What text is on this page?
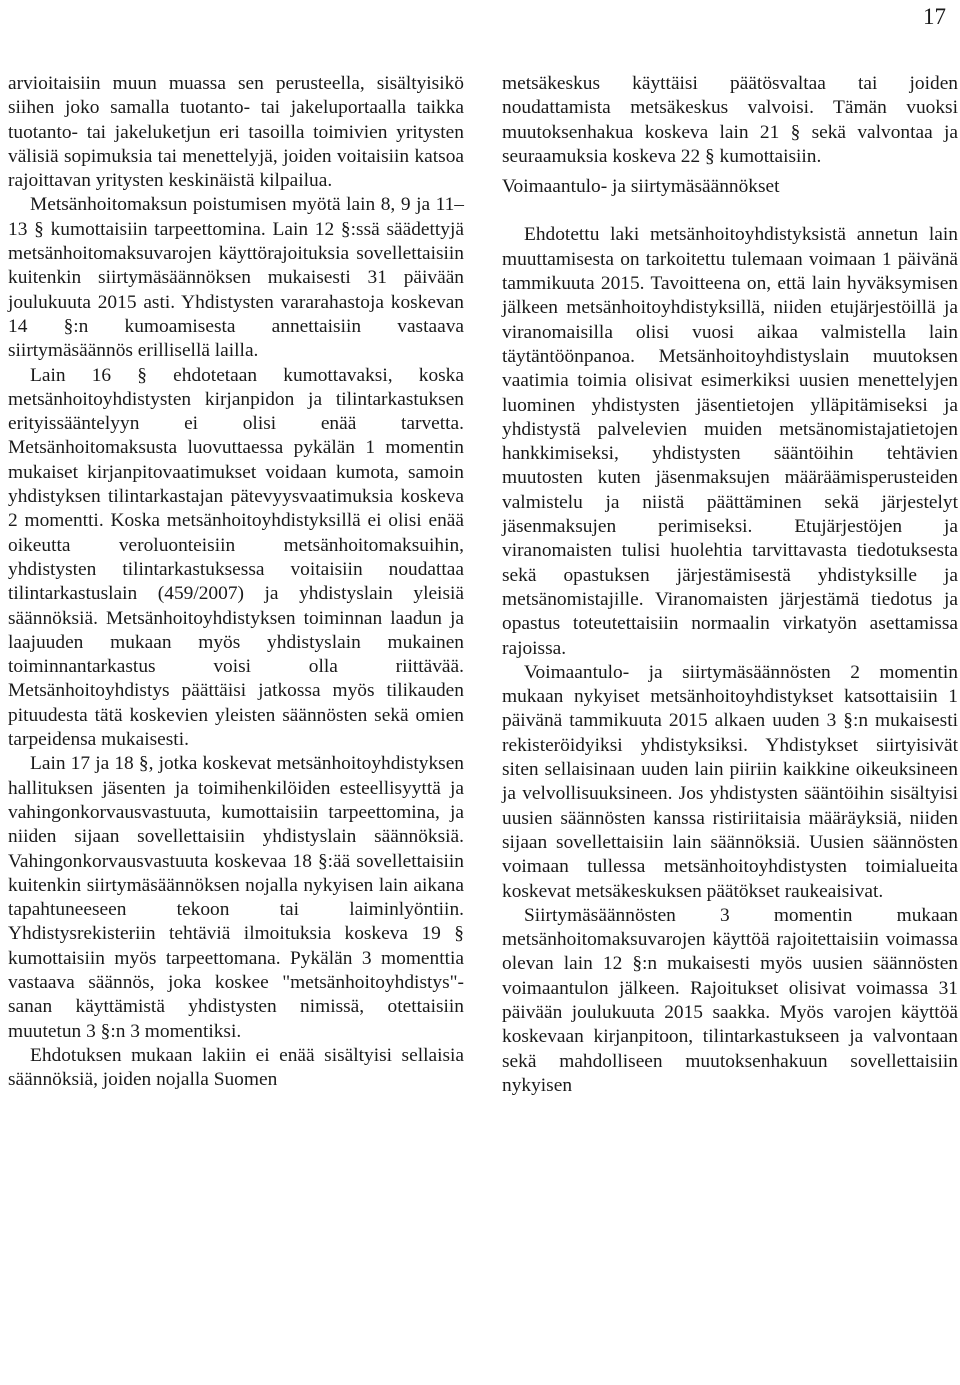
17

arvioitaisiin muun muassa sen perusteella, sisältyisikö siihen joko samalla tuotanto- tai jakeluportaalla taikka tuotanto- tai jakeluketjun eri tasoilla toimivien yritysten välisiä sopimuksia tai menettelyjä, joiden voitaisiin katsoa rajoittavan yritysten keskinäistä kilpailua.

Metsänhoitomaksun poistumisen myötä lain 8, 9 ja 11–13 § kumottaisiin tarpeettomina. Lain 12 §:ssä säädettyjä metsänhoitomaksuvarojen käyttörajoituksia sovellettaisiin kuitenkin siirtymäsäännöksen mukaisesti 31 päivään joulukuuta 2015 asti. Yhdistysten vararahastoja koskevan 14 §:n kumoamisesta annettaisiin vastaava siirtymäsäännös erillisellä lailla.

Lain 16 § ehdotetaan kumottavaksi, koska metsänhoitoyhdistysten kirjanpidon ja tilintarkastuksen erityissääntelyyn ei olisi enää tarvetta. Metsänhoitomaksusta luovuttaessa pykälän 1 momentin mukaiset kirjanpitovaatimukset voidaan kumota, samoin yhdistyksen tilintarkastajan pätevyysvaatimuksia koskeva 2 momentti. Koska metsänhoitoyhdistyksillä ei olisi enää oikeutta veroluonteisiin metsänhoitomaksuihin, yhdistysten tilintarkastuksessa voitaisiin noudattaa tilintarkastuslain (459/2007) ja yhdistyslain yleisiä säännöksiä. Metsänhoitoyhdistyksen toiminnan laadun ja laajuuden mukaan myös yhdistyslain mukainen toiminnantarkastus voisi olla riittävää. Metsänhoitoyhdistys päättäisi jatkossa myös tilikauden pituudesta tätä koskevien yleisten säännösten sekä omien tarpeidensa mukaisesti.

Lain 17 ja 18 §, jotka koskevat metsänhoitoyhdistyksen hallituksen jäsenten ja toimihenkilöiden esteellisyyttä ja vahingonkorvausvastuuta, kumottaisiin tarpeettomina, ja niiden sijaan sovellettaisiin yhdistyslain säännöksiä. Vahingonkorvausvastuuta koskevaa 18 §:ää sovellettaisiin kuitenkin siirtymäsäännöksen nojalla nykyisen lain aikana tapahtuneeseen tekoon tai laiminlyöntiin. Yhdistysrekisteriin tehtäviä ilmoituksia koskeva 19 § kumottaisiin myös tarpeettomana. Pykälän 3 momenttia vastaava säännös, joka koskee "metsänhoitoyhdistys"-sanan käyttämistä yhdistysten nimissä, otettaisiin muutetun 3 §:n 3 momentiksi.

Ehdotuksen mukaan lakiin ei enää sisältyisi sellaisia säännöksiä, joiden nojalla Suomen

metsäkeskus käyttäisi päätösvaltaa tai joiden noudattamista metsäkeskus valvoisi. Tämän vuoksi muutoksenhakua koskeva lain 21 § sekä valvontaa ja seuraamuksia koskeva 22 § kumottaisiin.

Voimaantulo- ja siirtymäsäännökset

Ehdotettu laki metsänhoitoyhdistyksistä annetun lain muuttamisesta on tarkoitettu tulemaan voimaan 1 päivänä tammikuuta 2015. Tavoitteena on, että lain hyväksymisen jälkeen metsänhoitoyhdistyksillä, niiden etujärjestöillä ja viranomaisilla olisi vuosi aikaa valmistella lain täytäntöönpanoa. Metsänhoitoyhdistyslain muutoksen vaatimia toimia olisivat esimerkiksi uusien menettelyjen luominen yhdistysten jäsentietojen ylläpitämiseksi ja yhdistystä palvelevien muiden metsänomistajatietojen hankkimiseksi, yhdistysten sääntöihin tehtävien muutosten kuten jäsenmaksujen määräämisperusteiden valmistelu ja niistä päättäminen sekä järjestelyt jäsenmaksujen perimiseksi. Etujärjestöjen ja viranomaisten tulisi huolehtia tarvittavasta tiedotuksesta sekä opastuksen järjestämisestä yhdistyksille ja metsänomistajille. Viranomaisten järjestämä tiedotus ja opastus toteutettaisiin normaalin virkatyön asettamissa rajoissa.

Voimaantulo- ja siirtymäsäännösten 2 momentin mukaan nykyiset metsänhoitoyhdistykset katsottaisiin 1 päivänä tammikuuta 2015 alkaen uuden 3 §:n mukaisesti rekisteröidyiksi yhdistyksiksi. Yhdistykset siirtyisivät siten sellaisinaan uuden lain piiriin kaikkine oikeuksineen ja velvollisuuksineen. Jos yhdistysten sääntöihin sisältyisi uusien säännösten kanssa ristiriitaisia määräyksiä, niiden sijaan sovellettaisiin lain säännöksiä. Uusien säännösten voimaan tullessa metsänhoitoyhdistysten toimialueita koskevat metsäkeskuksen päätökset raukeaisivat.

Siirtymäsäännösten 3 momentin mukaan metsänhoitomaksuvarojen käyttöä rajoitettaisiin voimassa olevan lain 12 §:n mukaisesti myös uusien säännösten voimaantulon jälkeen. Rajoitukset olisivat voimassa 31 päivään joulukuuta 2015 saakka. Myös varojen käyttöä koskevaan kirjanpitoon, tilintarkastukseen ja valvontaan sekä mahdolliseen muutoksenhakuun sovellettaisiin nykyisen
